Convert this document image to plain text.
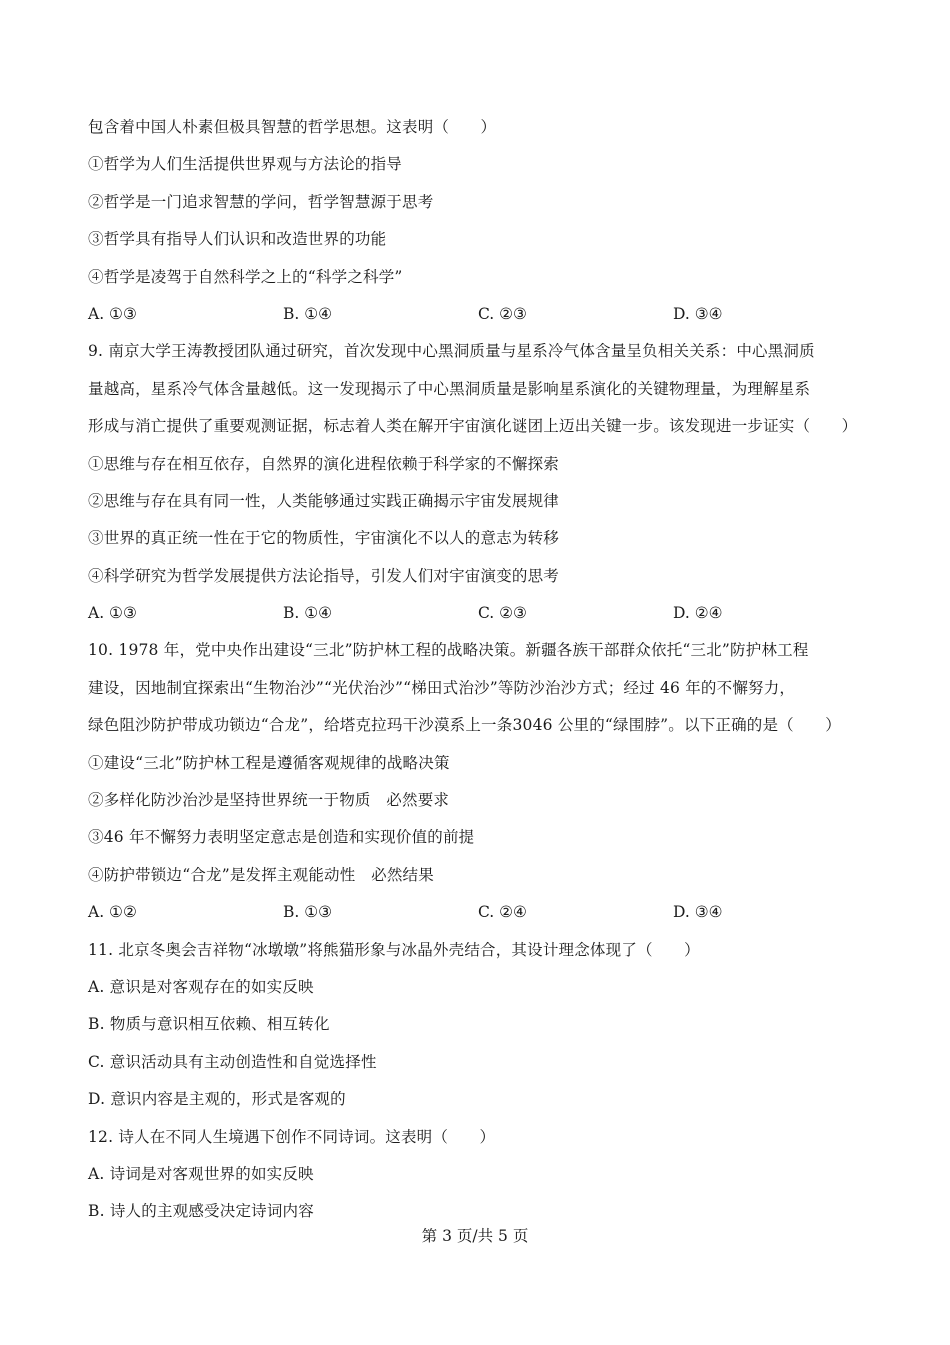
包含着中国人朴素但极具智慧的哲学思想。这表明（　　）
①哲学为人们生活提供世界观与方法论的指导
②哲学是一门追求智慧的学问，哲学智慧源于思考
③哲学具有指导人们认识和改造世界的功能
④哲学是凌驾于自然科学之上的“科学之科学”
A. ①③	B. ①④	C. ②③	D. ③④
9. 南京大学王涛教授团队通过研究，首次发现中心黑洞质量与星系冷气体含量呈负相关关系：中心黑洞质
量越高，星系冷气体含量越低。这一发现揭示了中心黑洞质量是影响星系演化的关键物理量，为理解星系
形成与消亡提供了重要观测证据，标志着人类在解开宇宙演化谜团上迈出关键一步。该发现进一步证实（　　）
①思维与存在相互依存，自然界的演化进程依赖于科学家的不懈探索
②思维与存在具有同一性，人类能够通过实践正确揭示宇宙发展规律
③世界的真正统一性在于它的物质性，宇宙演化不以人的意志为转移
④科学研究为哲学发展提供方法论指导，引发人们对宇宙演变的思考
A. ①③	B. ①④	C. ②③	D. ②④
10. 1978 年，党中央作出建设“三北”防护林工程的战略决策。新疆各族干部群众依托“三北”防护林工程
建设，因地制宜探索出“生物治沙”“光伏治沙”“梯田式治沙”等防沙治沙方式；经过 46 年的不懈努力，
绿色阻沙防护带成功锁边“合龙”，给塔克拉玛干沙漠系上一条3046 公里的“绿围脖”。以下正确的是（　　）
①建设“三北”防护林工程是遵循客观规律的战略决策
②多样化防沙治沙是坚持世界统一于物质　必然要求
③46 年不懈努力表明坚定意志是创造和实现价值的前提
④防护带锁边“合龙”是发挥主观能动性　必然结果
A. ①②	B. ①③	C. ②④	D. ③④
11. 北京冬奥会吉祥物“冰墩墩”将熊猫形象与冰晶外壳结合，其设计理念体现了（　　）
A. 意识是对客观存在的如实反映
B. 物质与意识相互依赖、相互转化
C. 意识活动具有主动创造性和自觉选择性
D. 意识内容是主观的，形式是客观的
12. 诗人在不同人生境遇下创作不同诗词。这表明（　　）
A. 诗词是对客观世界的如实反映
B. 诗人的主观感受决定诗词内容
第 3 页/共 5 页
